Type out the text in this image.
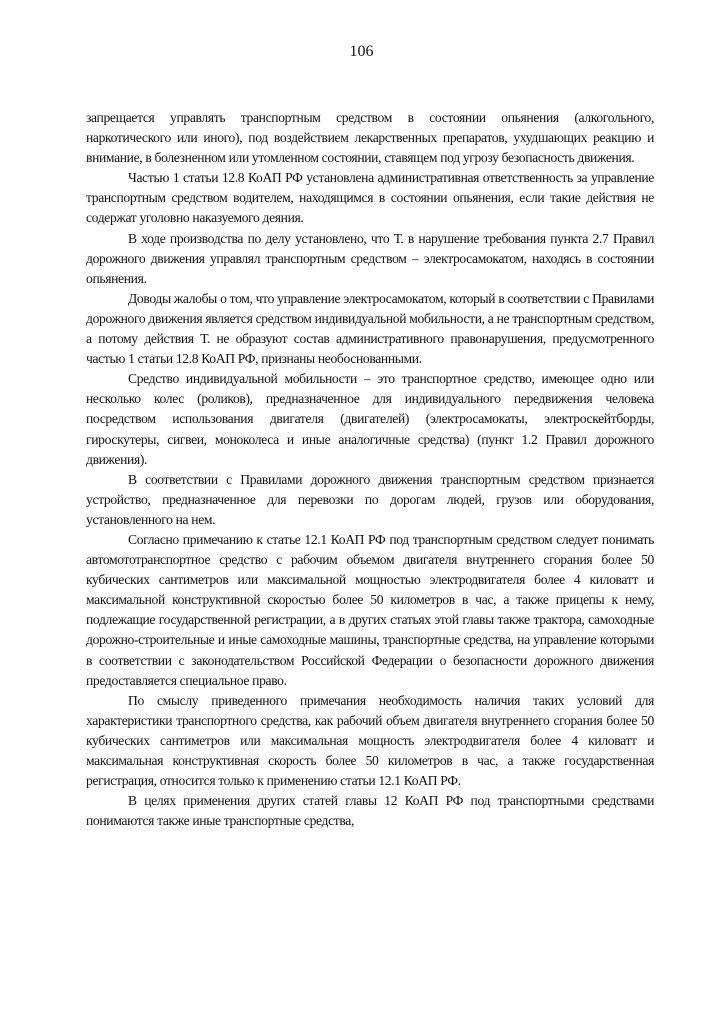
106

запрещается управлять транспортным средством в состоянии опьянения (алкогольного, наркотического или иного), под воздействием лекарственных препаратов, ухудшающих реакцию и внимание, в болезненном или утомленном состоянии, ставящем под угрозу безопасность движения.

Частью 1 статьи 12.8 КоАП РФ установлена административная ответственность за управление транспортным средством водителем, находящимся в состоянии опьянения, если такие действия не содержат уголовно наказуемого деяния.

В ходе производства по делу установлено, что Т. в нарушение требования пункта 2.7 Правил дорожного движения управлял транспортным средством – электросамокатом, находясь в состоянии опьянения.

Доводы жалобы о том, что управление электросамокатом, который в соответствии с Правилами дорожного движения является средством индивидуальной мобильности, а не транспортным средством, а потому действия Т. не образуют состав административного правонарушения, предусмотренного частью 1 статьи 12.8 КоАП РФ, признаны необоснованными.

Средство индивидуальной мобильности – это транспортное средство, имеющее одно или несколько колес (роликов), предназначенное для индивидуального передвижения человека посредством использования двигателя (двигателей) (электросамокаты, электроскейтборды, гироскутеры, сигвеи, моноколеса и иные аналогичные средства) (пункт 1.2 Правил дорожного движения).

В соответствии с Правилами дорожного движения транспортным средством признается устройство, предназначенное для перевозки по дорогам людей, грузов или оборудования, установленного на нем.

Согласно примечанию к статье 12.1 КоАП РФ под транспортным средством следует понимать автомототранспортное средство с рабочим объемом двигателя внутреннего сгорания более 50 кубических сантиметров или максимальной мощностью электродвигателя более 4 киловатт и максимальной конструктивной скоростью более 50 километров в час, а также прицепы к нему, подлежащие государственной регистрации, а в других статьях этой главы также трактора, самоходные дорожно-строительные и иные самоходные машины, транспортные средства, на управление которыми в соответствии с законодательством Российской Федерации о безопасности дорожного движения предоставляется специальное право.

По смыслу приведенного примечания необходимость наличия таких условий для характеристики транспортного средства, как рабочий объем двигателя внутреннего сгорания более 50 кубических сантиметров или максимальная мощность электродвигателя более 4 киловатт и максимальная конструктивная скорость более 50 километров в час, а также государственная регистрация, относится только к применению статьи 12.1 КоАП РФ.

В целях применения других статей главы 12 КоАП РФ под транспортными средствами понимаются также иные транспортные средства,
